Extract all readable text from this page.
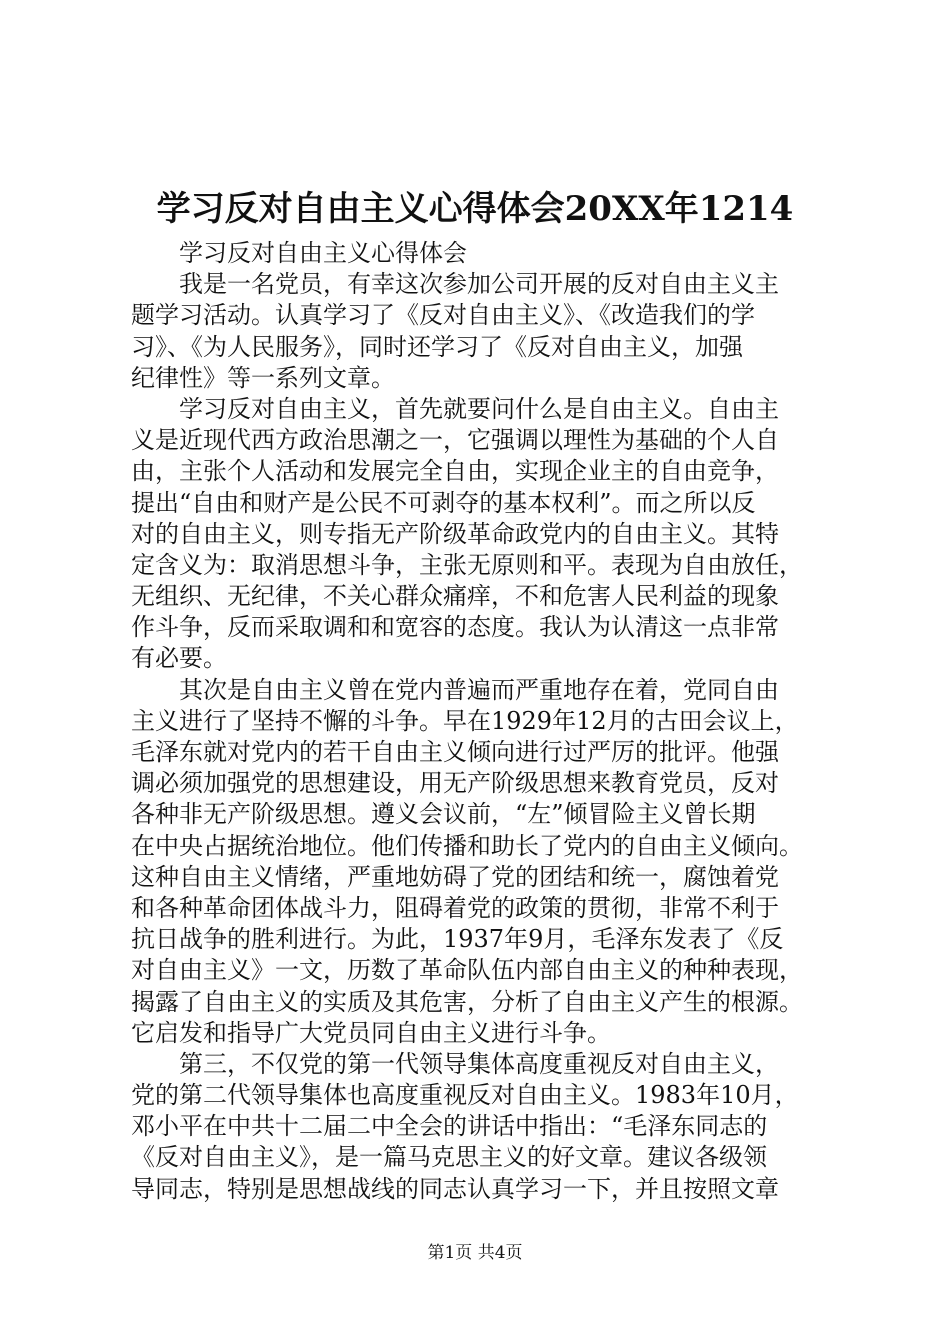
学习反对自由主义心得体会20XX年1214
学习反对自由主义心得体会
我是一名党员，有幸这次参加公司开展的反对自由主义主
题学习活动。认真学习了《反对自由主义》、《改造我们的学
习》、《为人民服务》，同时还学习了《反对自由主义，加强
纪律性》等一系列文章。
学习反对自由主义，首先就要问什么是自由主义。自由主
义是近现代西方政治思潮之一，它强调以理性为基础的个人自
由，主张个人活动和发展完全自由，实现企业主的自由竞争，
提出“自由和财产是公民不可剥夺的基本权利”。而之所以反
对的自由主义，则专指无产阶级革命政党内的自由主义。其特
定含义为：取消思想斗争，主张无原则和平。表现为自由放任，
无组织、无纪律，不关心群众痛痒，不和危害人民利益的现象
作斗争，反而采取调和和宽容的态度。我认为认清这一点非常
有必要。
其次是自由主义曾在党内普遍而严重地存在着，党同自由
主义进行了坚持不懈的斗争。早在1929年12月的古田会议上，
毛泽东就对党内的若干自由主义倾向进行过严厉的批评。他强
调必须加强党的思想建设，用无产阶级思想来教育党员，反对
各种非无产阶级思想。遵义会议前，“左”倾冒险主义曾长期
在中央占据统治地位。他们传播和助长了党内的自由主义倾向。
这种自由主义情绪，严重地妨碍了党的团结和统一，腐蚀着党
和各种革命团体战斗力，阻碍着党的政策的贯彻，非常不利于
抗日战争的胜利进行。为此，1937年9月，毛泽东发表了《反
对自由主义》一文，历数了革命队伍内部自由主义的种种表现，
揭露了自由主义的实质及其危害，分析了自由主义产生的根源。
它启发和指导广大党员同自由主义进行斗争。
第三，不仅党的第一代领导集体高度重视反对自由主义，
党的第二代领导集体也高度重视反对自由主义。1983年10月，
邓小平在中共十二届二中全会的讲话中指出：“毛泽东同志的
《反对自由主义》，是一篇马克思主义的好文章。建议各级领
导同志，特别是思想战线的同志认真学习一下，并且按照文章
第1页 共4页
